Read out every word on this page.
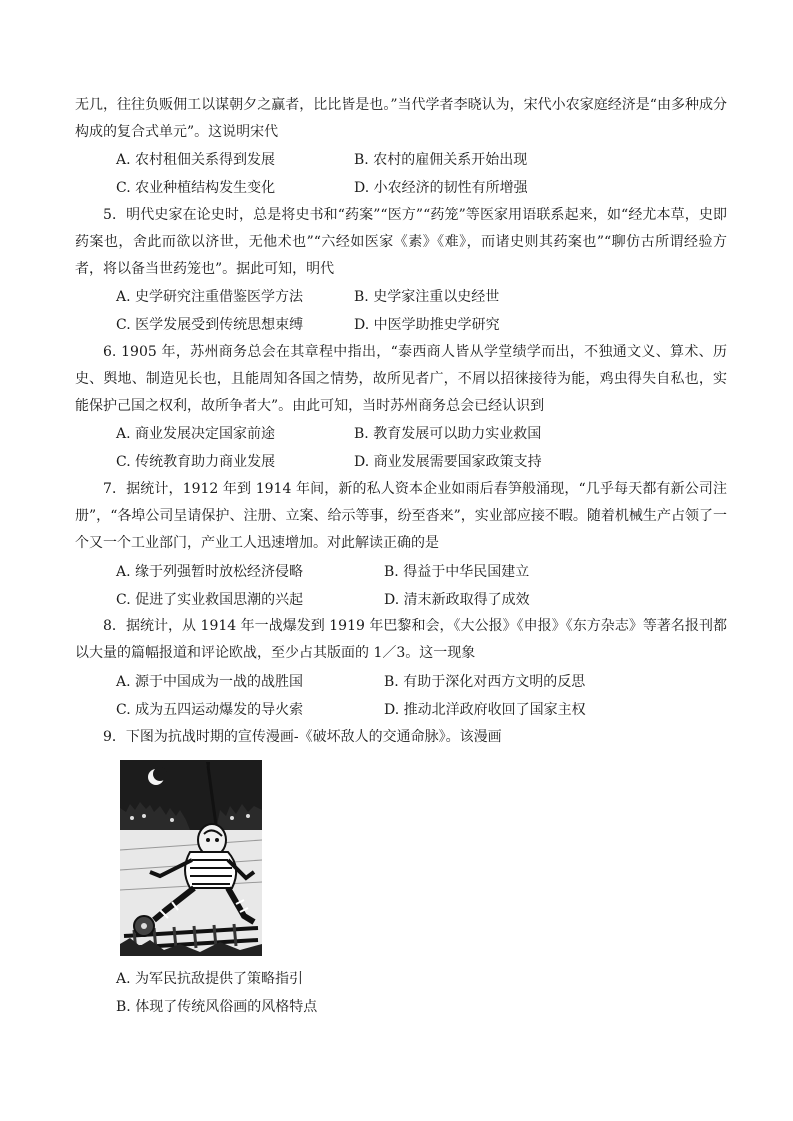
无几，往往负贩佣工以谋朝夕之赢者，比比皆是也。”当代学者李晓认为，宋代小农家庭经济是“由多种成分构成的复合式单元”。这说明宋代

A. 农村租佃关系得到发展	B. 农村的雇佣关系开始出现
C. 农业种植结构发生变化	D. 小农经济的韧性有所增强

5．明代史家在论史时，总是将史书和“药案”“医方”“药笼”等医家用语联系起来，如“经尤本草，史即药案也，舍此而欲以济世，无他术也”“六经如医家《素》《难》，而诸史则其药案也”“聊仿古所谓经验方者，将以备当世药笼也”。据此可知，明代

A. 史学研究注重借鉴医学方法	B. 史学家注重以史经世
C. 医学发展受到传统思想束缚	D. 中医学助推史学研究

6. 1905 年，苏州商务总会在其章程中指出，“泰西商人皆从学堂绩学而出，不独通文义、算术、历史、舆地、制造见长也，且能周知各国之情势，故所见者广，不屑以招徕接待为能，鸡虫得失自私也，实能保护己国之权利，故所争者大”。由此可知，当时苏州商务总会已经认识到

A. 商业发展决定国家前途	B. 教育发展可以助力实业救国
C. 传统教育助力商业发展	D. 商业发展需要国家政策支持

7．据统计，1912 年到 1914 年间，新的私人资本企业如雨后春笋般涌现，“几乎每天都有新公司注册”，“各埠公司呈请保护、注册、立案、给示等事，纷至沓来”，实业部应接不暇。随着机械生产占领了一个又一个工业部门，产业工人迅速增加。对此解读正确的是

A. 缘于列强暂时放松经济侵略	B. 得益于中华民国建立
C. 促进了实业救国思潮的兴起	D. 清末新政取得了成效

8．据统计，从 1914 年一战爆发到 1919 年巴黎和会，《大公报》《申报》《东方杂志》等著名报刊都以大量的篇幅报道和评论欧战，至少占其版面的 1／3。这一现象

A. 源于中国成为一战的战胜国	B. 有助于深化对西方文明的反思
C. 成为五四运动爆发的导火索	D. 推动北洋政府收回了国家主权

9．下图为抗战时期的宣传漫画-《破坏敌人的交通命脉》。该漫画

A. 为军民抗敌提供了策略指引
B. 体现了传统风俗画的风格特点
